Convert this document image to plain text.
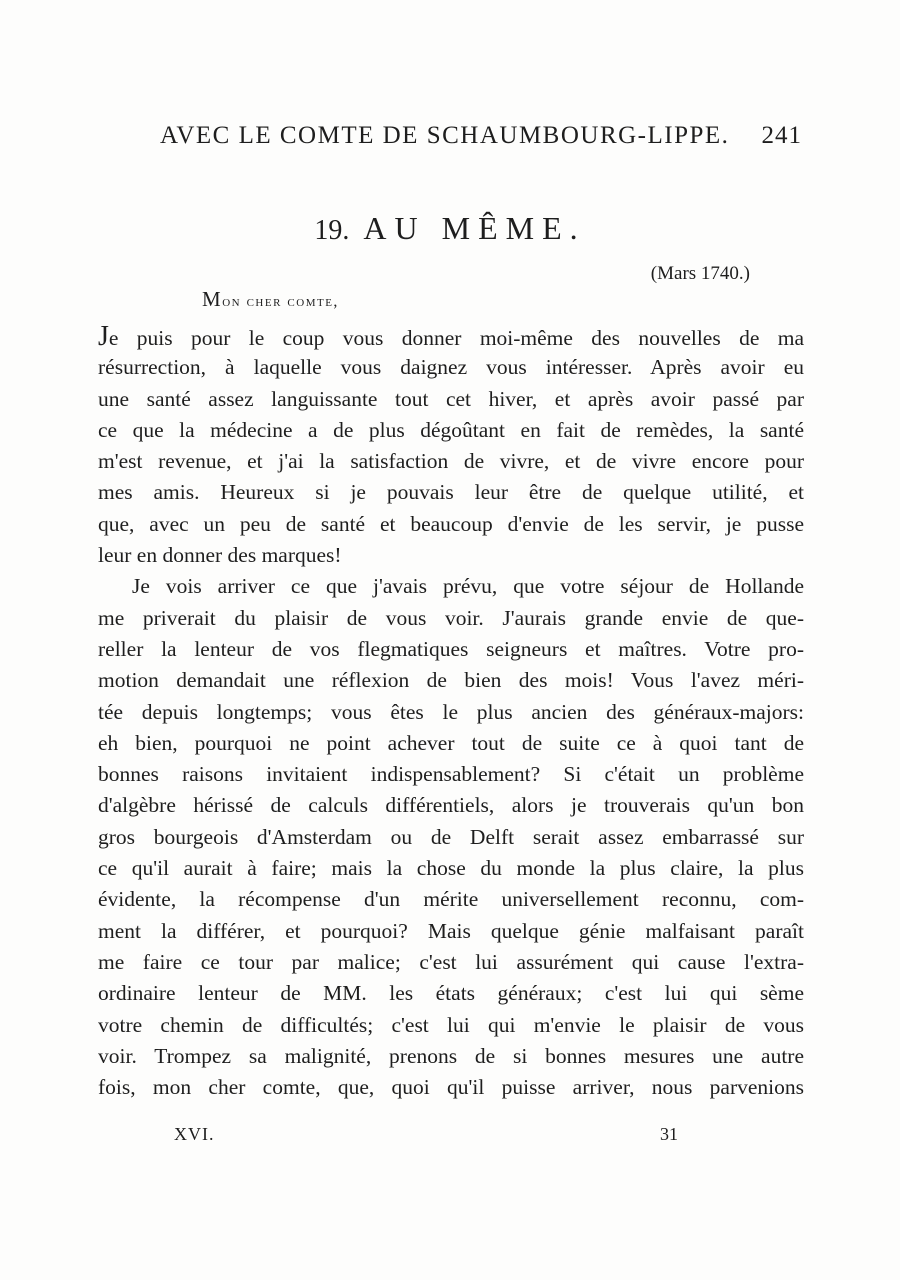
AVEC LE COMTE DE SCHAUMBOURG-LIPPE. 241
19. AU MÊME.
(Mars 1740.)
Mon cher comte,
Je puis pour le coup vous donner moi-même des nouvelles de ma
résurrection, à laquelle vous daignez vous intéresser. Après avoir eu
une santé assez languissante tout cet hiver, et après avoir passé par
ce que la médecine a de plus dégoûtant en fait de remèdes, la santé
m'est revenue, et j'ai la satisfaction de vivre, et de vivre encore pour
mes amis. Heureux si je pouvais leur être de quelque utilité, et
que, avec un peu de santé et beaucoup d'envie de les servir, je pusse
leur en donner des marques!
Je vois arriver ce que j'avais prévu, que votre séjour de Hollande
me priverait du plaisir de vous voir. J'aurais grande envie de que-
reller la lenteur de vos flegmatiques seigneurs et maîtres. Votre pro-
motion demandait une réflexion de bien des mois! Vous l'avez méri-
tée depuis longtemps; vous êtes le plus ancien des généraux-majors:
eh bien, pourquoi ne point achever tout de suite ce à quoi tant de
bonnes raisons invitaient indispensablement? Si c'était un problème
d'algèbre hérissé de calculs différentiels, alors je trouverais qu'un bon
gros bourgeois d'Amsterdam ou de Delft serait assez embarrassé sur
ce qu'il aurait à faire; mais la chose du monde la plus claire, la plus
évidente, la récompense d'un mérite universellement reconnu, com-
ment la différer, et pourquoi? Mais quelque génie malfaisant paraît
me faire ce tour par malice; c'est lui assurément qui cause l'extra-
ordinaire lenteur de MM. les états généraux; c'est lui qui sème
votre chemin de difficultés; c'est lui qui m'envie le plaisir de vous
voir. Trompez sa malignité, prenons de si bonnes mesures une autre
fois, mon cher comte, que, quoi qu'il puisse arriver, nous parvenions
XVI.	31
